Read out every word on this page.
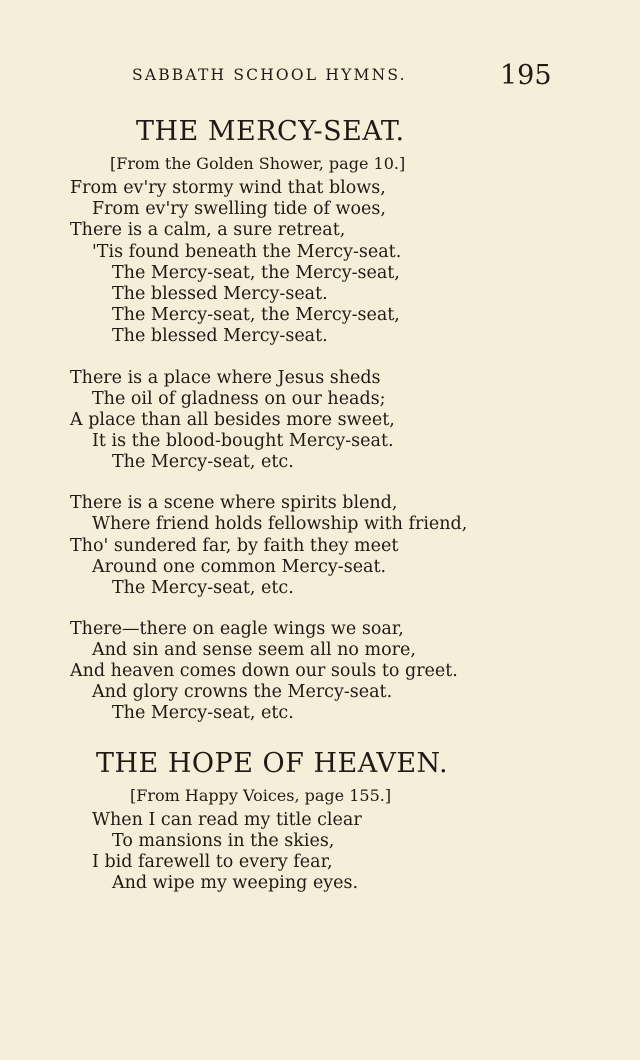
SABBATH SCHOOL HYMNS.	195
THE MERCY-SEAT.
[From the Golden Shower, page 10.]
From ev'ry stormy wind that blows,
From ev'ry swelling tide of woes,
There is a calm, a sure retreat,
'Tis found beneath the Mercy-seat.
The Mercy-seat, the Mercy-seat,
The blessed Mercy-seat.
The Mercy-seat, the Mercy-seat,
The blessed Mercy-seat.
There is a place where Jesus sheds
The oil of gladness on our heads;
A place than all besides more sweet,
It is the blood-bought Mercy-seat.
The Mercy-seat, etc.
There is a scene where spirits blend,
Where friend holds fellowship with friend,
Tho' sundered far, by faith they meet
Around one common Mercy-seat.
The Mercy-seat, etc.
There—there on eagle wings we soar,
And sin and sense seem all no more,
And heaven comes down our souls to greet.
And glory crowns the Mercy-seat.
The Mercy-seat, etc.
THE HOPE OF HEAVEN.
[From Happy Voices, page 155.]
When I can read my title clear
To mansions in the skies,
I bid farewell to every fear,
And wipe my weeping eyes.
